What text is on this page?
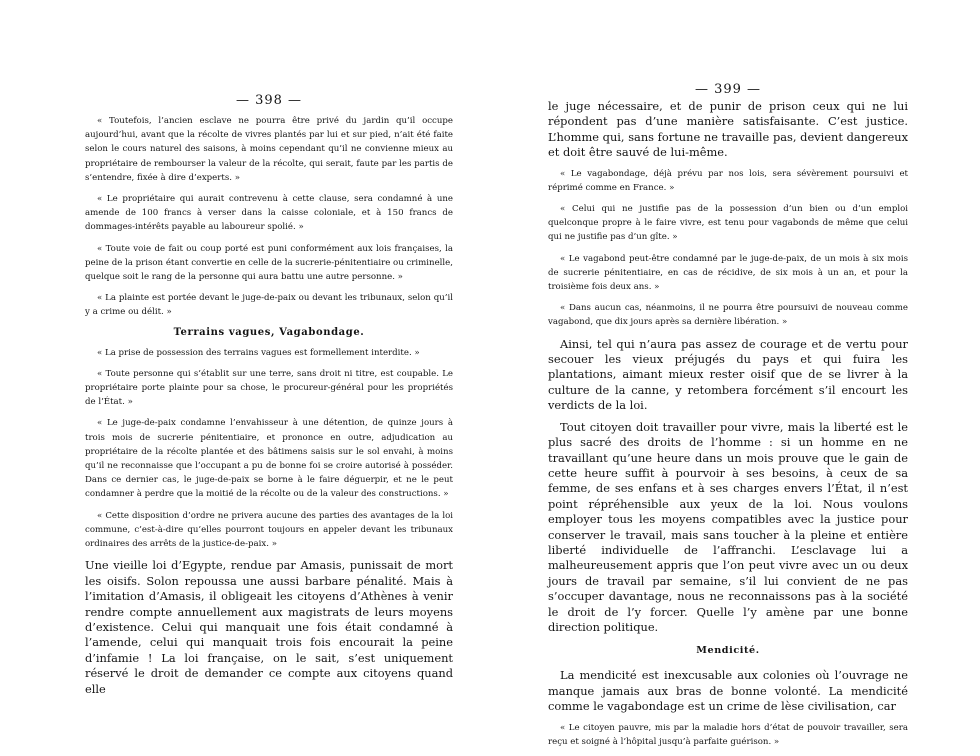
— 398 —

« Toutefois, l’ancien esclave ne pourra être privé du jardin qu’il occupe aujourd’hui, avant que la récolte de vivres plantés par lui et sur pied, n’ait été faite selon le cours naturel des saisons, à moins cependant qu’il ne convienne mieux au propriétaire de rembourser la valeur de la récolte, qui serait, faute par les partis de s’entendre, fixée à dire d’experts. »

« Le propriétaire qui aurait contrevenu à cette clause, sera condamné à une amende de 100 francs à verser dans la caisse coloniale, et à 150 francs de dommages-intérêts payable au laboureur spolié. »

« Toute voie de fait ou coup porté est puni conformément aux lois françaises, la peine de la prison étant convertie en celle de la sucrerie-pénitentiaire ou criminelle, quelque soit le rang de la personne qui aura battu une autre personne. »

« La plainte est portée devant le juge-de-paix ou devant les tribunaux, selon qu’il y a crime ou délit. »

Terrains vagues, Vagabondage.

« La prise de possession des terrains vagues est formellement interdite. »

« Toute personne qui s’établit sur une terre, sans droit ni titre, est coupable. Le propriétaire porte plainte pour sa chose, le procureur-général pour les propriétés de l’État. »

« Le juge-de-paix condamne l’envahisseur à une détention, de quinze jours à trois mois de sucrerie pénitentiaire, et prononce en outre, adjudication au propriétaire de la récolte plantée et des bâtimens saisis sur le sol envahi, à moins qu’il ne reconnaisse que l’occupant a pu de bonne foi se croire autorisé à posséder. Dans ce dernier cas, le juge-de-paix se borne à le faire déguerpir, et ne le peut condamner à perdre que la moitié de la récolte ou de la valeur des constructions. »

« Cette disposition d’ordre ne privera aucune des parties des avantages de la loi commune, c’est-à-dire qu’elles pourront toujours en appeler devant les tribunaux ordinaires des arrêts de la justice-de-paix. »

Une vieille loi d’Egypte, rendue par Amasis, punissait de mort les oisifs. Solon repoussa une aussi barbare pénalité. Mais à l’imitation d’Amasis, il obligeait les citoyens d’Athènes à venir rendre compte annuellement aux magistrats de leurs moyens d’existence. Celui qui manquait une fois était condamné à l’amende, celui qui manquait trois fois encourait la peine d’infamie ! La loi française, on le sait, s’est uniquement réservé le droit de demander ce compte aux citoyens quand elle

— 399 —

le juge nécessaire, et de punir de prison ceux qui ne lui répondent pas d’une manière satisfaisante. C’est justice. L’homme qui, sans fortune ne travaille pas, devient dangereux et doit être sauvé de lui-même.

« Le vagabondage, déjà prévu par nos lois, sera sévèrement poursuivi et réprimé comme en France. »

« Celui qui ne justifie pas de la possession d’un bien ou d’un emploi quelconque propre à le faire vivre, est tenu pour vagabonds de même que celui qui ne justifie pas d’un gîte. »

« Le vagabond peut-être condamné par le juge-de-paix, de un mois à six mois de sucrerie pénitentiaire, en cas de récidive, de six mois à un an, et pour la troisième fois deux ans. »

« Dans aucun cas, néanmoins, il ne pourra être poursuivi de nouveau comme vagabond, que dix jours après sa dernière libération. »

Ainsi, tel qui n’aura pas assez de courage et de vertu pour secouer les vieux préjugés du pays et qui fuira les plantations, aimant mieux rester oisif que de se livrer à la culture de la canne, y retombera forcément s’il encourt les verdicts de la loi.

Tout citoyen doit travailler pour vivre, mais la liberté est le plus sacré des droits de l’homme : si un homme en ne travaillant qu’une heure dans un mois prouve que le gain de cette heure suffit à pourvoir à ses besoins, à ceux de sa femme, de ses enfans et à ses charges envers l’État, il n’est point répréhensible aux yeux de la loi. Nous voulons employer tous les moyens compatibles avec la justice pour conserver le travail, mais sans toucher à la pleine et entière liberté individuelle de l’affranchi. L’esclavage lui a malheureusement appris que l’on peut vivre avec un ou deux jours de travail par semaine, s’il lui convient de ne pas s’occuper davantage, nous ne reconnaissons pas à la société le droit de l’y forcer. Quelle l’y amène par une bonne direction politique.

Mendicité.

La mendicité est inexcusable aux colonies où l’ouvrage ne manque jamais aux bras de bonne volonté. La mendicité comme le vagabondage est un crime de lèse civilisation, car

« Le citoyen pauvre, mis par la maladie hors d’état de pouvoir travailler, sera reçu et soigné à l’hôpital jusqu’à parfaite guérison. »
